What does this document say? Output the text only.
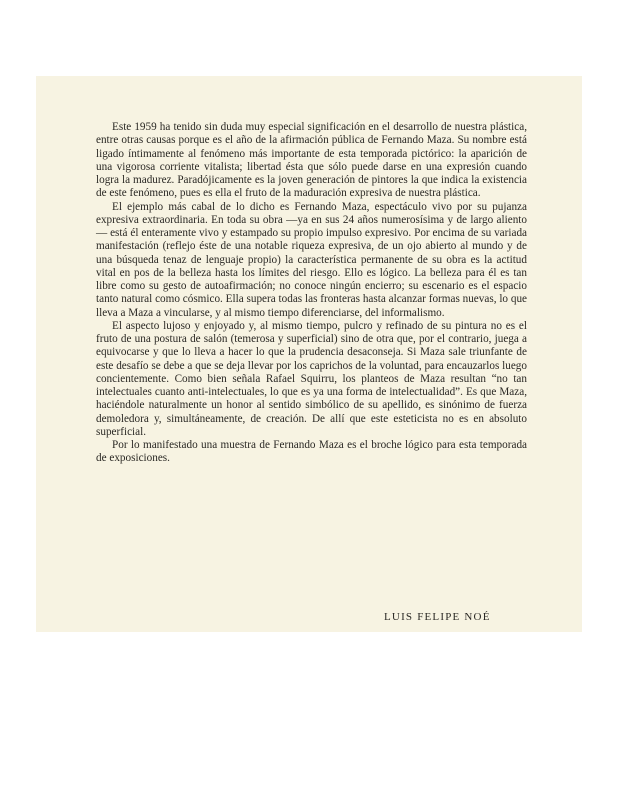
Este 1959 ha tenido sin duda muy especial significación en el desarrollo de nuestra plástica, entre otras causas porque es el año de la afirmación pública de Fernando Maza. Su nombre está ligado íntimamente al fenómeno más importante de esta temporada pictórico: la aparición de una vigorosa corriente vitalista; libertad ésta que sólo puede darse en una expresión cuando logra la madurez. Paradójicamente es la joven generación de pintores la que indica la existencia de este fenómeno, pues es ella el fruto de la maduración expresiva de nuestra plástica.

El ejemplo más cabal de lo dicho es Fernando Maza, espectáculo vivo por su pujanza expresiva extraordinaria. En toda su obra —ya en sus 24 años numerosísima y de largo aliento— está él enteramente vivo y estampado su propio impulso expresivo. Por encima de su variada manifestación (reflejo éste de una notable riqueza expresiva, de un ojo abierto al mundo y de una búsqueda tenaz de lenguaje propio) la característica permanente de su obra es la actitud vital en pos de la belleza hasta los límites del riesgo. Ello es lógico. La belleza para él es tan libre como su gesto de autoafirmación; no conoce ningún encierro; su escenario es el espacio tanto natural como cósmico. Ella supera todas las fronteras hasta alcanzar formas nuevas, lo que lleva a Maza a vincularse, y al mismo tiempo diferenciarse, del informalismo.

El aspecto lujoso y enjoyado y, al mismo tiempo, pulcro y refinado de su pintura no es el fruto de una postura de salón (temerosa y superficial) sino de otra que, por el contrario, juega a equivocarse y que lo lleva a hacer lo que la prudencia desaconseja. Si Maza sale triunfante de este desafío se debe a que se deja llevar por los caprichos de la voluntad, para encauzarlos luego concientemente. Como bien señala Rafael Squirru, los planteos de Maza resultan “no tan intelectuales cuanto anti-intelectuales, lo que es ya una forma de intelectualidad”. Es que Maza, haciéndole naturalmente un honor al sentido simbólico de su apellido, es sinónimo de fuerza demoledora y, simultáneamente, de creación. De allí que este esteticista no es en absoluto superficial.

Por lo manifestado una muestra de Fernando Maza es el broche lógico para esta temporada de exposiciones.

LUIS FELIPE NOÉ
